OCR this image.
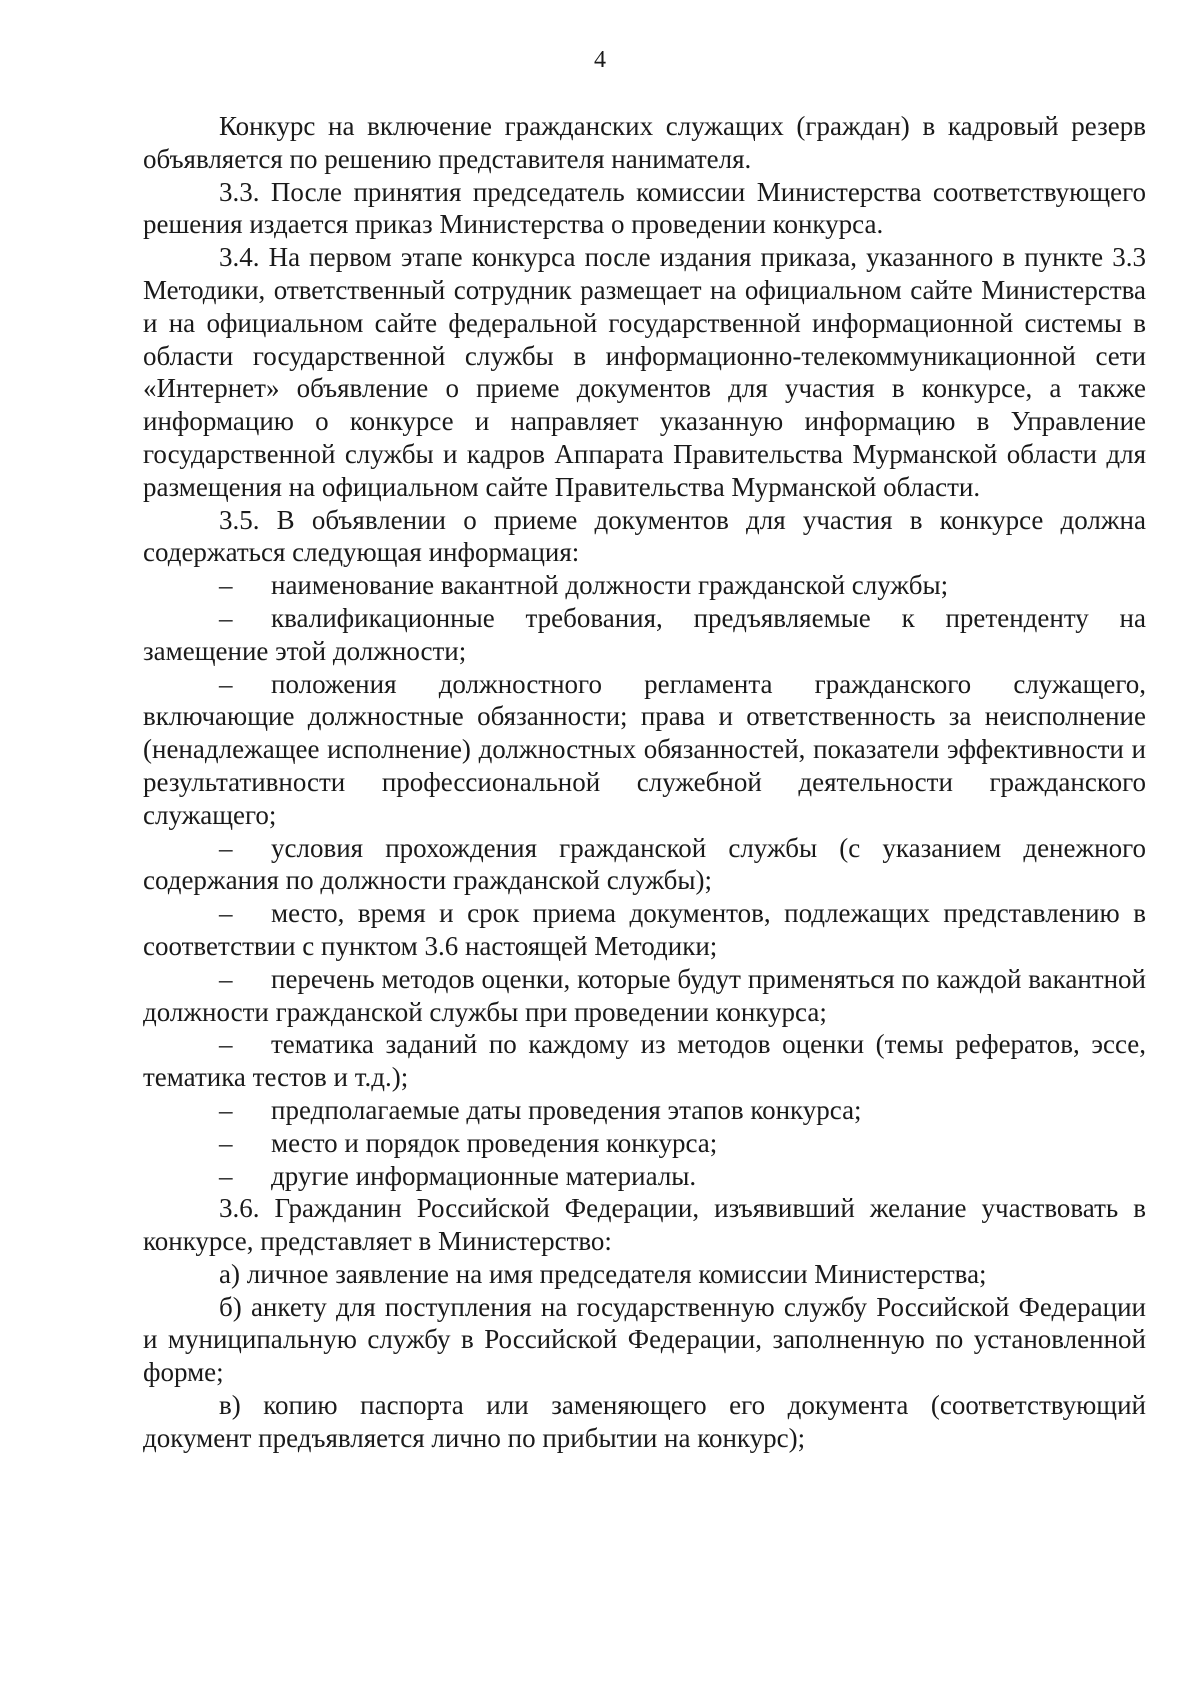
4

Конкурс на включение гражданских служащих (граждан) в кадровый резерв объявляется по решению представителя нанимателя.

3.3. После принятия председатель комиссии Министерства соответствующего решения издается приказ Министерства о проведении конкурса.

3.4. На первом этапе конкурса после издания приказа, указанного в пункте 3.3 Методики, ответственный сотрудник размещает на официальном сайте Министерства и на официальном сайте федеральной государственной информационной системы в области государственной службы в информационно-телекоммуникационной сети «Интернет» объявление о приеме документов для участия в конкурсе, а также информацию о конкурсе и направляет указанную информацию в Управление государственной службы и кадров Аппарата Правительства Мурманской области для размещения на официальном сайте Правительства Мурманской области.

3.5. В объявлении о приеме документов для участия в конкурсе должна содержаться следующая информация:

– наименование вакантной должности гражданской службы;

– квалификационные требования, предъявляемые к претенденту на замещение этой должности;

– положения должностного регламента гражданского служащего, включающие должностные обязанности; права и ответственность за неисполнение (ненадлежащее исполнение) должностных обязанностей, показатели эффективности и результативности профессиональной служебной деятельности гражданского служащего;

– условия прохождения гражданской службы (с указанием денежного содержания по должности гражданской службы);

– место, время и срок приема документов, подлежащих представлению в соответствии с пунктом 3.6 настоящей Методики;

– перечень методов оценки, которые будут применяться по каждой вакантной должности гражданской службы при проведении конкурса;

– тематика заданий по каждому из методов оценки (темы рефератов, эссе, тематика тестов и т.д.);

– предполагаемые даты проведения этапов конкурса;

– место и порядок проведения конкурса;

– другие информационные материалы.

3.6. Гражданин Российской Федерации, изъявивший желание участвовать в конкурсе, представляет в Министерство:

а) личное заявление на имя председателя комиссии Министерства;

б) анкету для поступления на государственную службу Российской Федерации и муниципальную службу в Российской Федерации, заполненную по установленной форме;

в) копию паспорта или заменяющего его документа (соответствующий документ предъявляется лично по прибытии на конкурс);
